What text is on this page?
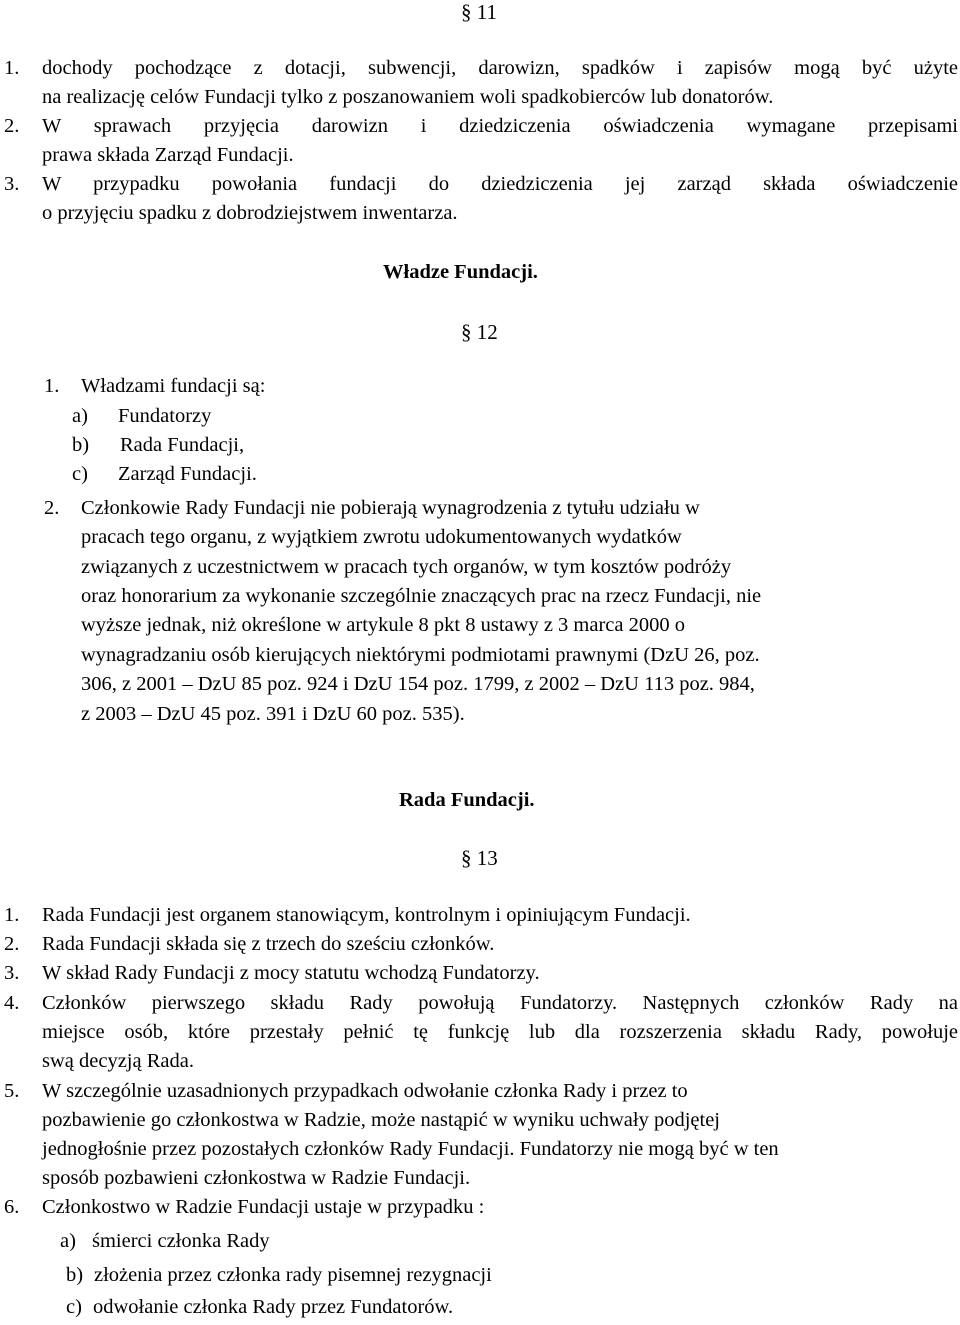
§ 11
1. dochody pochodzące z dotacji, subwencji, darowizn, spadków i zapisów mogą być użyte
na realizację celów Fundacji tylko z poszanowaniem woli spadkobierców lub donatorów.
2. W sprawach przyjęcia darowizn i dziedziczenia oświadczenia wymagane przepisami
prawa składa Zarząd Fundacji.
3. W przypadku powołania fundacji do dziedziczenia jej zarząd składa oświadczenie
o przyjęciu spadku z dobrodziejstwem inwentarza.
Władze Fundacji.
§ 12
1. Władzami fundacji są:
a) Fundatorzy
b) Rada Fundacji,
c) Zarząd Fundacji.
2. Członkowie Rady Fundacji nie pobierają wynagrodzenia z tytułu udziału w
pracach tego organu, z wyjątkiem zwrotu udokumentowanych wydatków
związanych z uczestnictwem w pracach tych organów, w tym kosztów podróży
oraz honorarium za wykonanie szczególnie znaczących prac na rzecz Fundacji, nie
wyższe jednak, niż określone w artykule 8 pkt 8 ustawy z 3 marca 2000 o
wynagradzaniu osób kierujących niektórymi podmiotami prawnymi (DzU 26, poz.
306, z 2001 – DzU 85 poz. 924 i DzU 154 poz. 1799, z 2002 – DzU 113 poz. 984,
z 2003 – DzU 45 poz. 391 i DzU 60 poz. 535).
Rada Fundacji.
§ 13
1. Rada Fundacji jest organem stanowiącym, kontrolnym i opiniującym Fundacji.
2. Rada Fundacji składa się z trzech do sześciu członków.
3. W skład Rady Fundacji z mocy statutu wchodzą Fundatorzy.
4. Członków pierwszego składu Rady powołują Fundatorzy. Następnych członków Rady na
miejsce osób, które przestały pełnić tę funkcję lub dla rozszerzenia składu Rady, powołuje
swą decyzją Rada.
5. W szczególnie uzasadnionych przypadkach odwołanie członka Rady i przez to
pozbawienie go członkostwa w Radzie, może nastąpić w wyniku uchwały podjętej
jednogłośnie przez pozostałych członków Rady Fundacji. Fundatorzy nie mogą być w ten
sposób pozbawieni członkostwa w Radzie Fundacji.
6. Członkostwo w Radzie Fundacji ustaje w przypadku :
a) śmierci członka Rady
b) złożenia przez członka rady pisemnej rezygnacji
c) odwołanie członka Rady przez Fundatorów.
